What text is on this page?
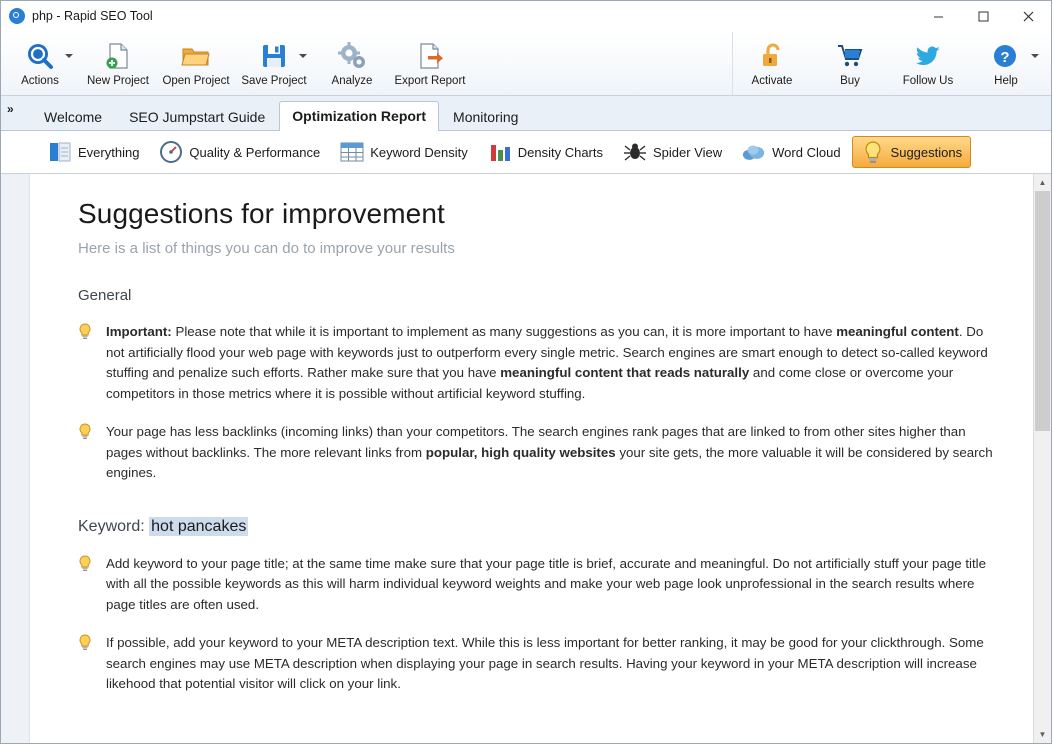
php - Rapid SEO Tool
Actions New Project Open Project Save Project Analyze Export Report	Activate	Buy	Follow Us
?
Help
»	Welcome	SEO Jumpstart Guide	Optimization Report	Monitoring
Everything	Quality & Performance	Keyword Density	Density Charts	Spider View	Word Cloud	Suggestions
Suggestions for improvement
Here is a list of things you can do to improve your results
General

Important: Please note that while it is important to implement as many suggestions as you can, it is more important to have meaningful content. Do not artificially flood your web page with keywords just to outperform every single metric. Search engines are smart enough to detect so-called keyword stuffing and penalize such efforts. Rather make sure that you have meaningful content that reads naturally and come close or overcome your competitors in those metrics where it is possible without artificial keyword stuffing.

Your page has less backlinks (incoming links) than your competitors. The search engines rank pages that are linked to from other sites higher than pages without backlinks. The more relevant links from popular, high quality websites your site gets, the more valuable it will be considered by search engines.

Keyword: hot pancakes
Add keyword to your page title; at the same time make sure that your page title is brief, accurate and meaningful. Do not artificially stuff your page title with all the possible keywords as this will harm individual keyword weights and make your web page look unprofessional in the search results where page titles are often used.
If possible, add your keyword to your META description text. While this is less important for better ranking, it may be good for your clickthrough. Some search engines may use META description when displaying your page in search results. Having your keyword in your META description will increase likehood that potential visitor will click on your link.
▲
▼
